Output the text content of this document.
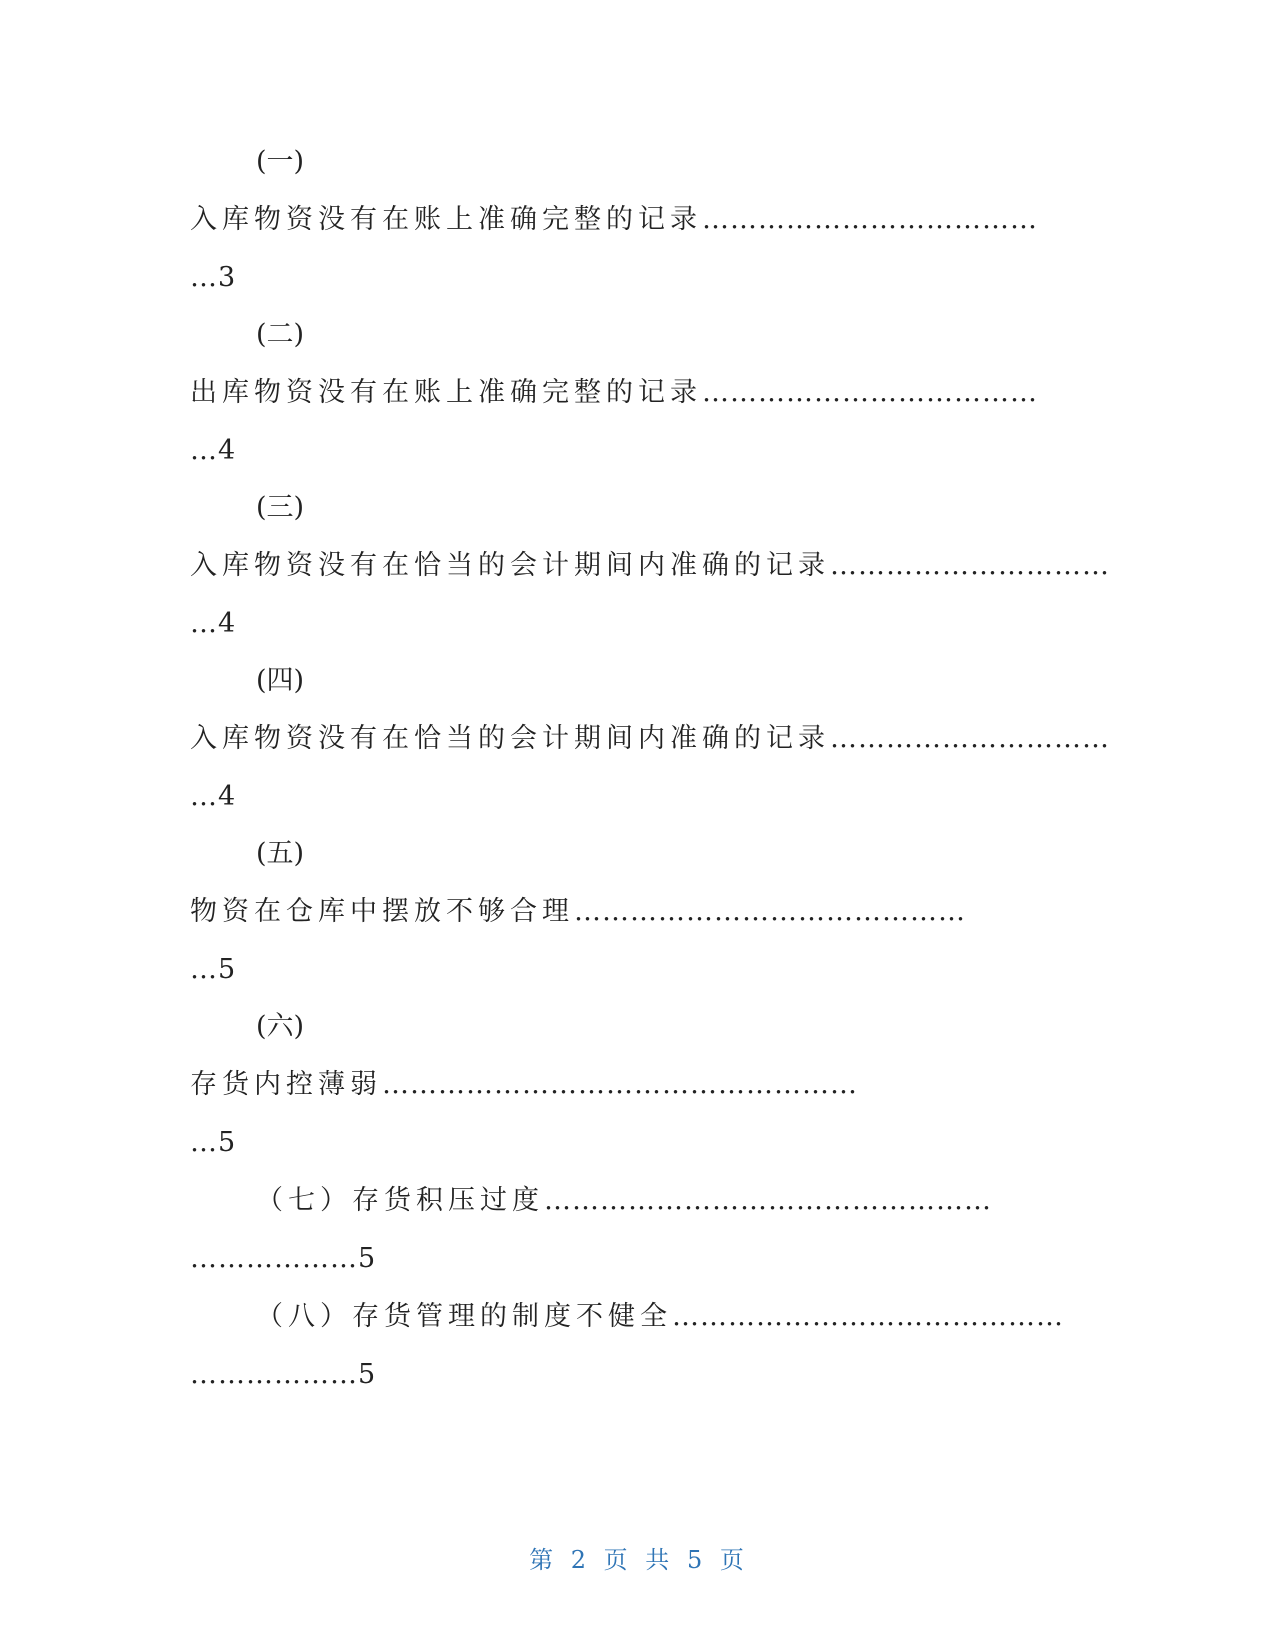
(一)
入库物资没有在账上准确完整的记录………………………………
…3
(二)
出库物资没有在账上准确完整的记录………………………………
…4
(三)
入库物资没有在恰当的会计期间内准确的记录…………………………
…4
(四)
入库物资没有在恰当的会计期间内准确的记录…………………………
…4
(五)
物资在仓库中摆放不够合理……………………………………
…5
(六)
存货内控薄弱……………………………………………
…5
（七）存货积压过度…………………………………………
………………5
（八）存货管理的制度不健全……………………………………
………………5
第 2 页 共 5 页
